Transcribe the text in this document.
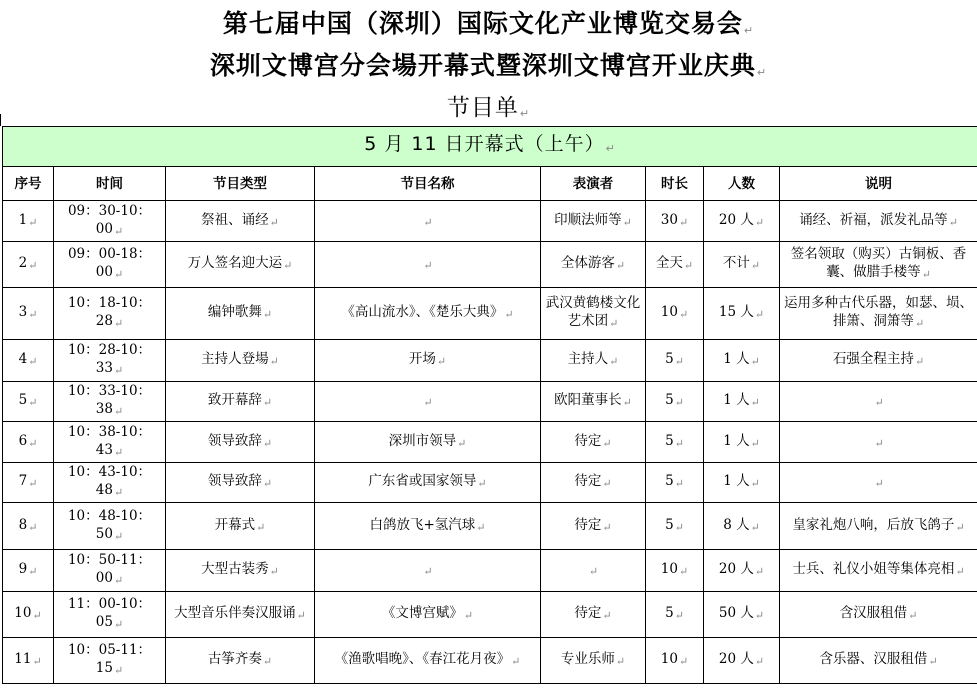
第七届中国（深圳）国际文化产业博览交易会↵
深圳文博宫分会場开幕式暨深圳文博宫开业庆典↵
节目单↵
5 月 11 日开幕式（上午）↵							
序号	时间	节目类型	节目名称	表演者	时长	人数	说明
1↵	09：30-10：00↵	祭祖、诵经↵	↵	印顺法师等↵	30↵	20 人↵	诵经、祈福，派发礼品等↵
2↵	09：00-18：00↵	万人签名迎大运↵	↵	全体游客↵	全天↵	不计↵	签名领取（购买）古铜板、香囊、做腊手楼等↵
3↵	10：18-10：28↵	编钟歌舞↵	《高山流水》、《楚乐大典》↵	武汉黄鹤楼文化艺术团↵	10↵	15 人↵	运用多种古代乐器，如瑟、埙、排箫、洞箫等↵
4↵	10：28-10：33↵	主持人登場↵	开场↵	主持人↵	5↵	1 人↵	石强全程主持↵
5↵	10：33-10：38↵	致开幕辞↵	↵	欧阳董事长↵	5↵	1 人↵	↵
6↵	10：38-10：43↵	领导致辞↵	深圳市领导↵	待定↵	5↵	1 人↵	↵
7↵	10：43-10：48↵	领导致辞↵	广东省或国家领导↵	待定↵	5↵	1 人↵	↵
8↵	10：48-10：50↵	开幕式↵	白鸽放飞+氢汽球↵	待定↵	5↵	8 人↵	皇家礼炮八响，后放飞鸽子↵
9↵	10：50-11：00↵	大型古装秀↵	↵	↵	10↵	20 人↵	士兵、礼仪小姐等集体亮相↵
10↵	11：00-10：05↵	大型音乐伴奏汉服诵↵	《文博宫赋》↵	待定↵	5↵	50 人↵	含汉服租借↵
11↵	10：05-11：15↵	古筝齐奏↵	《渔歌唱晚》、《春江花月夜》↵	专业乐师↵	10↵	20 人↵	含乐器、汉服租借↵
